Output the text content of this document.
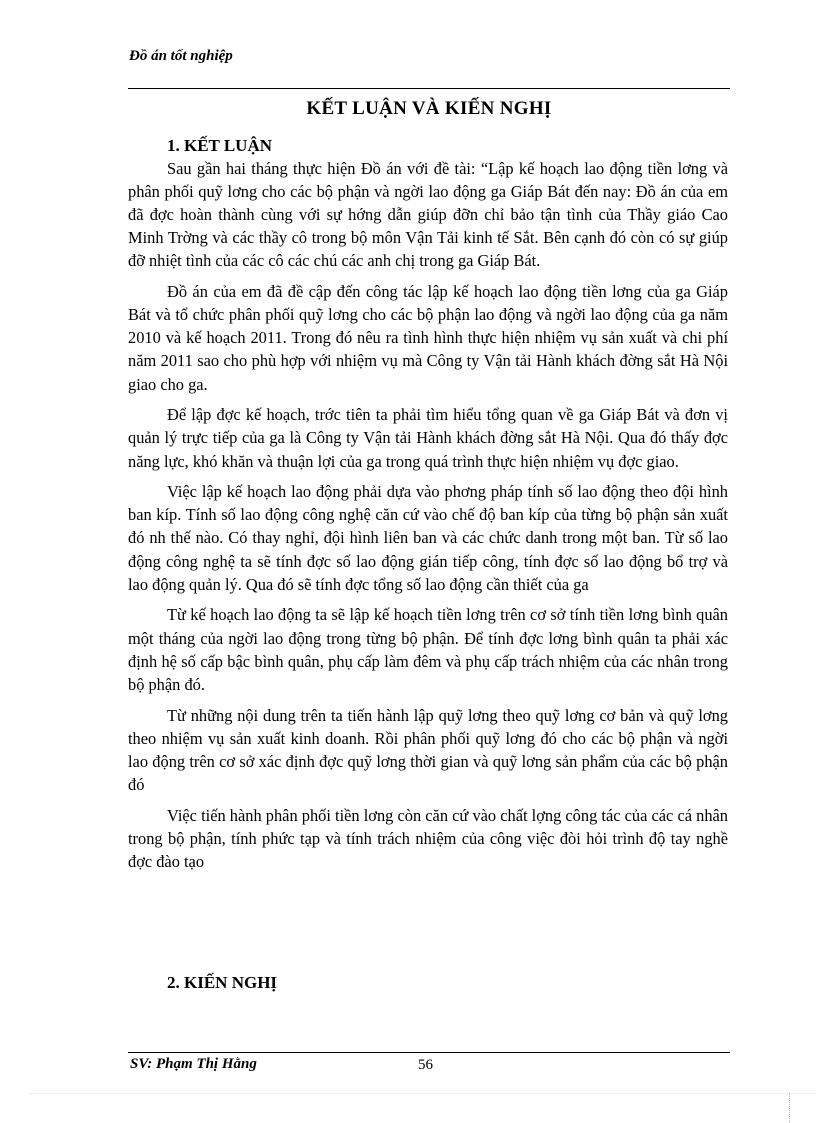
Đồ án tốt nghiệp
KẾT LUẬN VÀ KIẾN NGHỊ
1. KẾT LUẬN

Sau gần hai tháng thực hiện Đồ án với đề tài: “Lập kế hoạch lao động tiền lơng và phân phối quỹ lơng cho các bộ phận và ngời lao động ga Giáp Bát đến nay: Đồ án của em đã đợc hoàn thành cùng với sự hớng dẫn giúp đỡn chỉ bảo tận tình của Thầy giáo Cao Minh Trờng và các thầy cô trong bộ môn Vận Tải kinh tế Sắt. Bên cạnh đó còn có sự giúp đỡ nhiệt tình của các cô các chú các anh chị trong ga Giáp Bát.

Đồ án của em đã đề cập đến công tác lập kế hoạch lao động tiền lơng của ga Giáp Bát và tổ chức phân phối quỹ lơng cho các bộ phận lao động và ngời lao động của ga năm 2010 và kế hoạch 2011. Trong đó nêu ra tình hình thực hiện nhiệm vụ sản xuất và chi phí năm 2011 sao cho phù hợp với nhiệm vụ mà Công ty Vận tải Hành khách đờng sắt Hà Nội giao cho ga.

Để lập đợc kế hoạch, trớc tiên ta phải tìm hiểu tổng quan về ga Giáp Bát và đơn vị quản lý trực tiếp của ga là Công ty Vận tải Hành khách đờng sắt Hà Nội. Qua đó thấy đợc năng lực, khó khăn và thuận lợi của ga trong quá trình thực hiện nhiệm vụ đợc giao.

Việc lập kế hoạch lao động phải dựa vào phơng pháp tính số lao động theo đội hình ban kíp. Tính số lao động công nghệ căn cứ vào chế độ ban kíp của từng bộ phận sản xuất đó nh thế nào. Có thay nghỉ, đội hình liên ban và các chức danh trong một ban. Từ số lao động công nghệ ta sẽ tính đợc số lao động gián tiếp công, tính đợc số lao động bổ trợ và lao động quản lý. Qua đó sẽ tính đợc tổng số lao động cần thiết của ga

Từ kế hoạch lao động ta sẽ lập kế hoạch tiền lơng trên cơ sở tính tiền lơng bình quân một tháng của ngời lao động trong từng bộ phận. Để tính đợc lơng bình quân ta phải xác định hệ số cấp bậc bình quân, phụ cấp làm đêm và phụ cấp trách nhiệm của các nhân trong bộ phận đó.

Từ những nội dung trên ta tiến hành lập quỹ lơng theo quỹ lơng cơ bản và quỹ lơng theo nhiệm vụ sản xuất kinh doanh. Rồi phân phối quỹ lơng đó cho các bộ phận và ngời lao động trên cơ sở xác định đợc quỹ lơng thời gian và quỹ lơng sản phẩm của các bộ phận đó

Việc tiến hành phân phối tiền lơng còn căn cứ vào chất lợng công tác của các cá nhân trong bộ phận, tính phức tạp và tính trách nhiệm của công việc đòi hỏi trình độ tay nghề đợc đào tạo

2. KIẾN NGHỊ
SV: Phạm Thị Hằng	56
